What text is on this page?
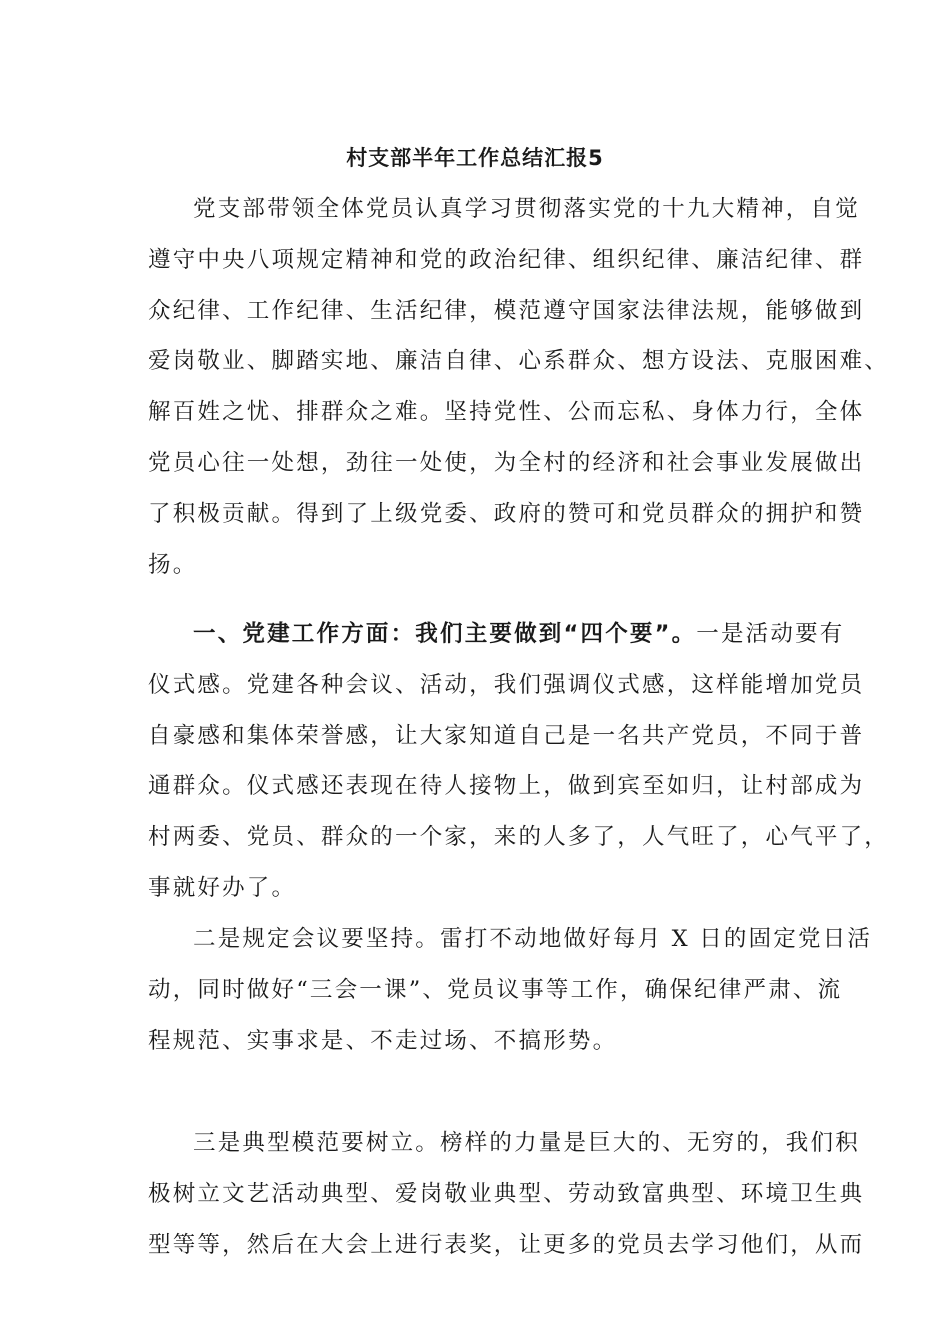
村支部半年工作总结汇报5
党支部带领全体党员认真学习贯彻落实党的十九大精神，自觉
遵守中央八项规定精神和党的政治纪律、组织纪律、廉洁纪律、群
众纪律、工作纪律、生活纪律，模范遵守国家法律法规，能够做到
爱岗敬业、脚踏实地、廉洁自律、心系群众、想方设法、克服困难、
解百姓之忧、排群众之难。坚持党性、公而忘私、身体力行，全体
党员心往一处想，劲往一处使，为全村的经济和社会事业发展做出
了积极贡献。得到了上级党委、政府的赞可和党员群众的拥护和赞
扬。
一、党建工作方面：我们主要做到“四个要”。一是活动要有
仪式感。党建各种会议、活动，我们强调仪式感，这样能增加党员
自豪感和集体荣誉感，让大家知道自己是一名共产党员，不同于普
通群众。仪式感还表现在待人接物上，做到宾至如归，让村部成为
村两委、党员、群众的一个家，来的人多了，人气旺了，心气平了，
事就好办了。
二是规定会议要坚持。雷打不动地做好每月 X 日的固定党日活
动，同时做好“三会一课”、党员议事等工作，确保纪律严肃、流
程规范、实事求是、不走过场、不搞形势。
三是典型模范要树立。榜样的力量是巨大的、无穷的，我们积
极树立文艺活动典型、爱岗敬业典型、劳动致富典型、环境卫生典
型等等，然后在大会上进行表奖，让更多的党员去学习他们，从而
